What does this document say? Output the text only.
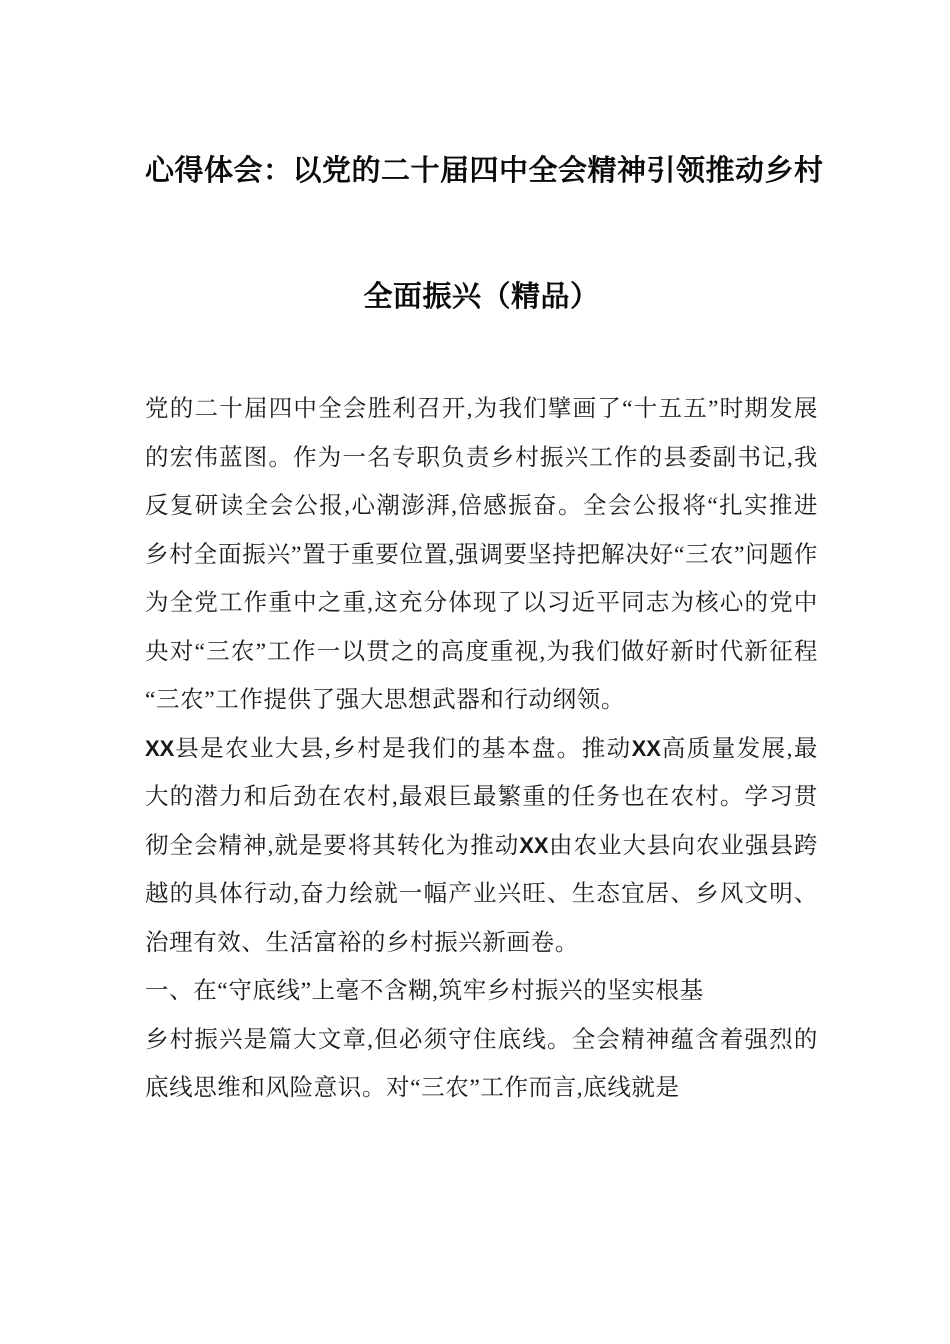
心得体会：以党的二十届四中全会精神引领推动乡村
全面振兴（精品）

党的二十届四中全会胜利召开,为我们擘画了“十五五”时期发展的宏伟蓝图。作为一名专职负责乡村振兴工作的县委副书记,我反复研读全会公报,心潮澎湃,倍感振奋。全会公报将“扎实推进乡村全面振兴”置于重要位置,强调要坚持把解决好“三农”问题作为全党工作重中之重,这充分体现了以习近平同志为核心的党中央对“三农”工作一以贯之的高度重视,为我们做好新时代新征程“三农”工作提供了强大思想武器和行动纲领。

XX县是农业大县,乡村是我们的基本盘。推动XX高质量发展,最大的潜力和后劲在农村,最艰巨最繁重的任务也在农村。学习贯彻全会精神,就是要将其转化为推动XX由农业大县向农业强县跨越的具体行动,奋力绘就一幅产业兴旺、生态宜居、乡风文明、治理有效、生活富裕的乡村振兴新画卷。

一、在“守底线”上毫不含糊,筑牢乡村振兴的坚实根基

乡村振兴是篇大文章,但必须守住底线。全会精神蕴含着强烈的底线思维和风险意识。对“三农”工作而言,底线就是
